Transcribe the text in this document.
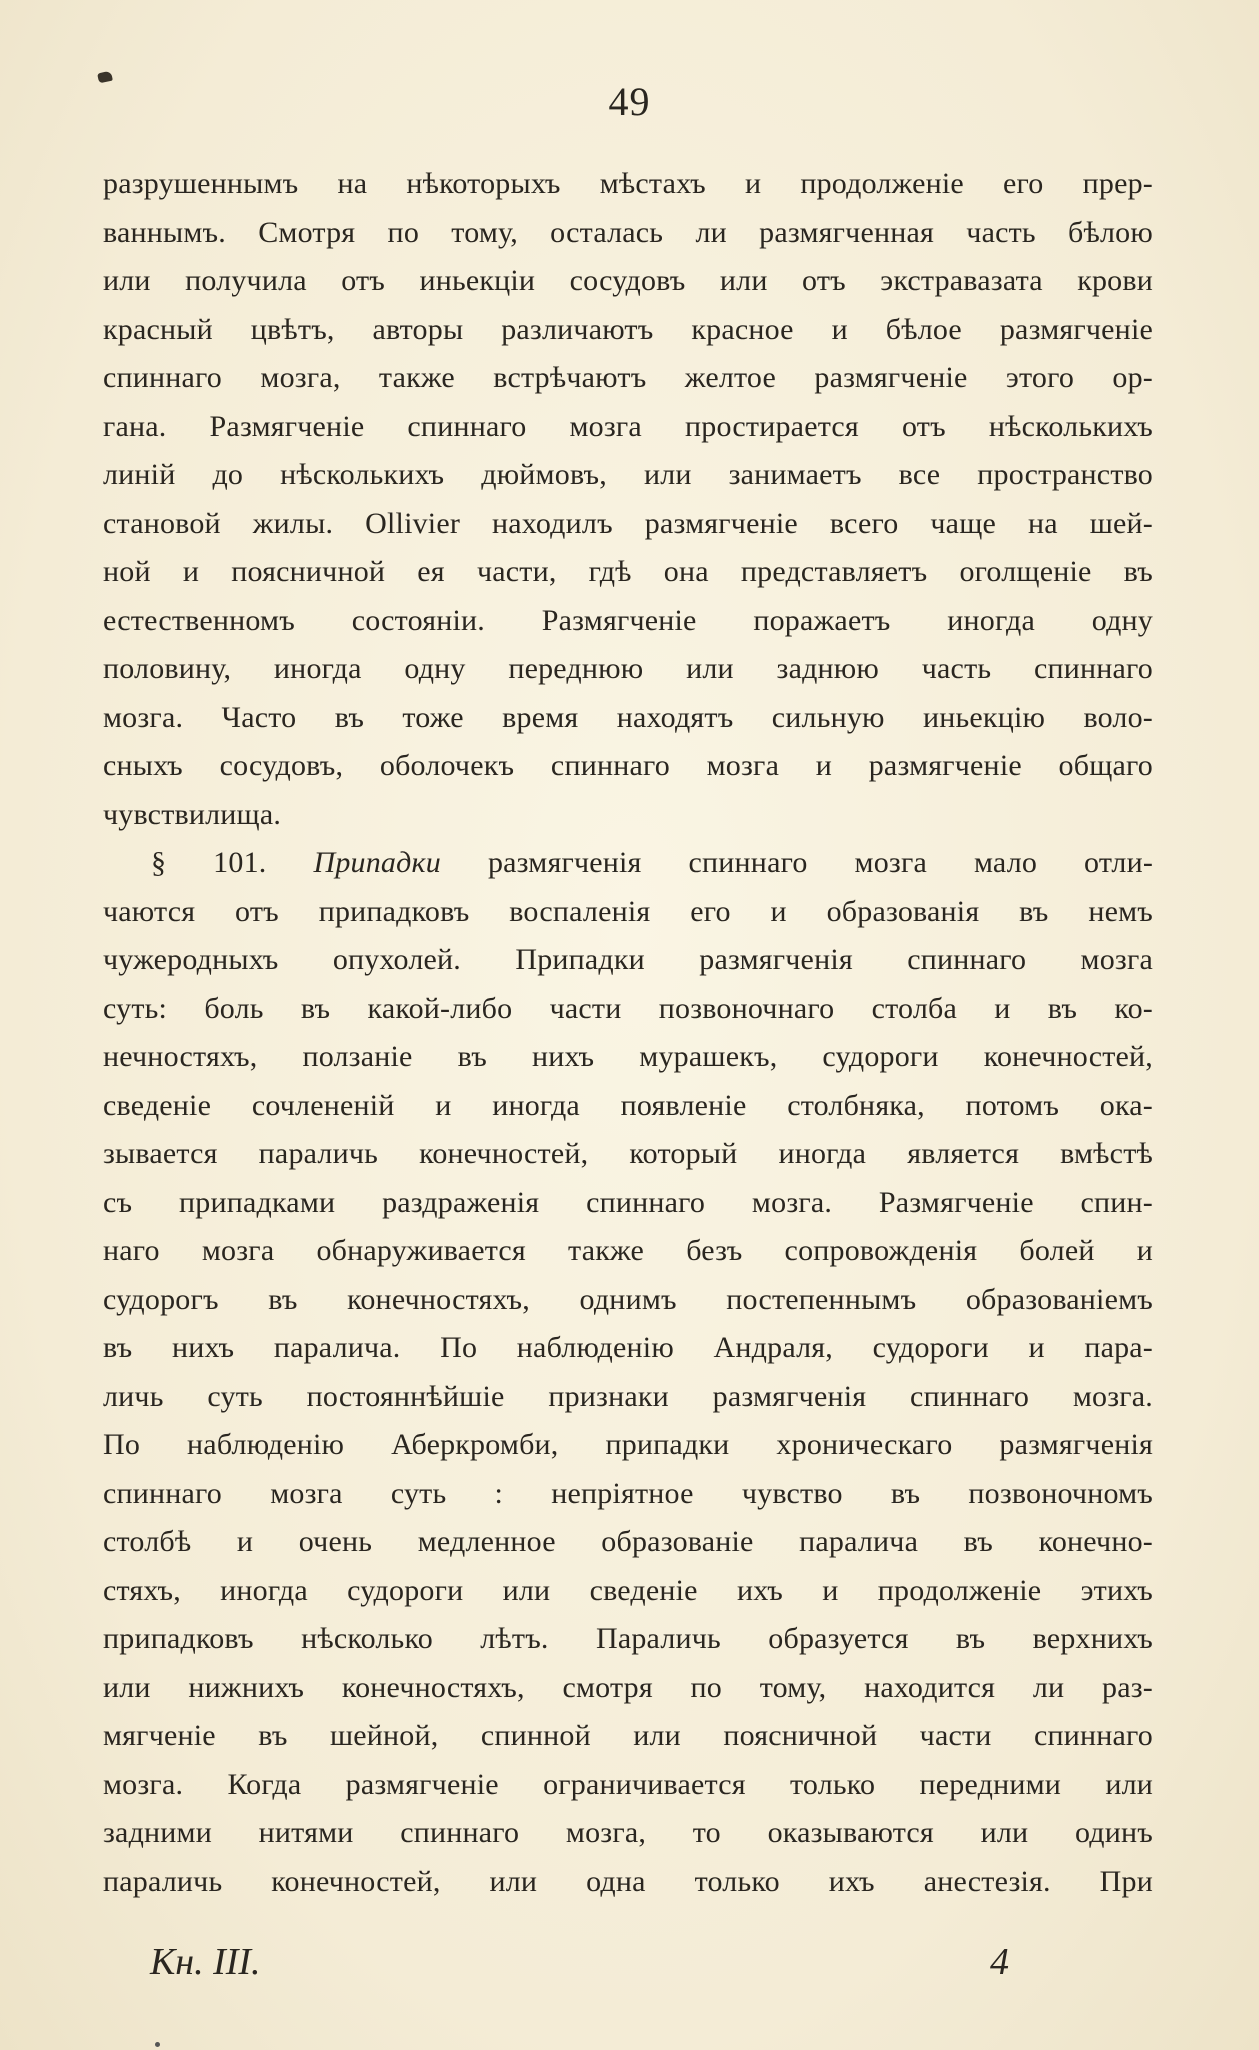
49
разрушеннымъ на нѣкоторыхъ мѣстахъ и продолженіе его прер-
ваннымъ. Смотря по тому, осталась ли размягченная часть бѣлою
или получила отъ иньекціи сосудовъ или отъ экстравазата крови
красный цвѣтъ, авторы различаютъ красное и бѣлое размягченіе
спиннаго мозга, также встрѣчаютъ желтое размягченіе этого ор-
гана. Размягченіе спиннаго мозга простирается отъ нѣсколькихъ
линій до нѣсколькихъ дюймовъ, или занимаетъ все пространство
становой жилы. Ollivier находилъ размягченіе всего чаще на шей-
ной и поясничной ея части, гдѣ она представляетъ оголщеніе въ
естественномъ состояніи. Размягченіе поражаетъ иногда одну
половину, иногда одну переднюю или заднюю часть спиннаго
мозга. Часто въ тоже время находятъ сильную иньекцію воло-
сныхъ сосудовъ, оболочекъ спиннаго мозга и размягченіе общаго
чувствилища.
§ 101. Припадки размягченія спиннаго мозга мало отли-
чаются отъ припадковъ воспаленія его и образованія въ немъ
чужеродныхъ опухолей. Припадки размягченія спиннаго мозга
суть: боль въ какой-либо части позвоночнаго столба и въ ко-
нечностяхъ, ползаніе въ нихъ мурашекъ, судороги конечностей,
сведеніе сочлененій и иногда появленіе столбняка, потомъ ока-
зывается параличь конечностей, который иногда является вмѣстѣ
съ припадками раздраженія спиннаго мозга. Размягченіе спин-
наго мозга обнаруживается также безъ сопровожденія болей и
судорогъ въ конечностяхъ, однимъ постепеннымъ образованіемъ
въ нихъ паралича. По наблюденію Андраля, судороги и пара-
личь суть постояннѣйшіе признаки размягченія спиннаго мозга.
По наблюденію Аберкромби, припадки хроническаго размягченія
спиннаго мозга суть : непріятное чувство въ позвоночномъ
столбѣ и очень медленное образованіе паралича въ конечно-
стяхъ, иногда судороги или сведеніе ихъ и продолженіе этихъ
припадковъ нѣсколько лѣтъ. Параличь образуется въ верхнихъ
или нижнихъ конечностяхъ, смотря по тому, находится ли раз-
мягченіе въ шейной, спинной или поясничной части спиннаго
мозга. Когда размягченіе ограничивается только передними или
задними нитями спиннаго мозга, то оказываются или одинъ
параличь конечностей, или одна только ихъ анестезія. При
Кн. III.	4
